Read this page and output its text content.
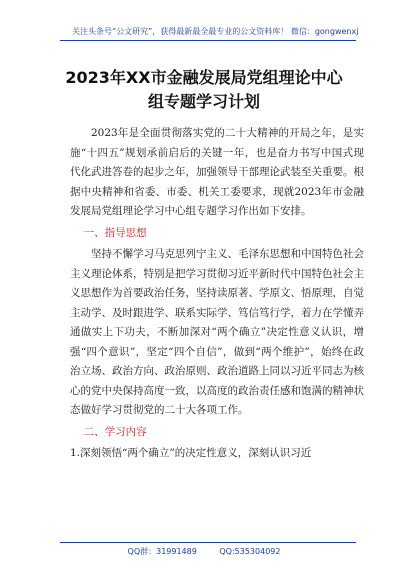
关注头条号“公文研究”，获得最新最全最专业的公文资料库！ 微信：gongwenxj
2023年XX市金融发展局党组理论中心
组专题学习计划

2023年是全面贯彻落实党的二十大精神的开局之年，是实施“十四五”规划承前启后的关键一年，也是奋力书写中国式现代化武进答卷的起步之年，加强领导干部理论武装至关重要。根据中央精神和省委、市委、机关工委要求，现就2023年市金融发展局党组理论学习中心组专题学习作出如下安排。

一、指导思想

坚持不懈学习马克思列宁主义、毛泽东思想和中国特色社会主义理论体系，特别是把学习贯彻习近平新时代中国特色社会主义思想作为首要政治任务，坚持读原著、学原文、悟原理，自觉主动学、及时跟进学、联系实际学、笃信笃行学，着力在学懂弄通做实上下功夫，不断加深对“两个确立”决定性意义认识，增强“四个意识”，坚定“四个自信”，做到“两个维护”，始终在政治立场、政治方向、政治原则、政治道路上同以习近平同志为核心的党中央保持高度一致，以高度的政治责任感和饱满的精神状态做好学习贯彻党的二十大各项工作。

二、学习内容

1.深刻领悟“两个确立”的决定性意义，深刻认识习近

QQ群：31991489	QQ:535304092
